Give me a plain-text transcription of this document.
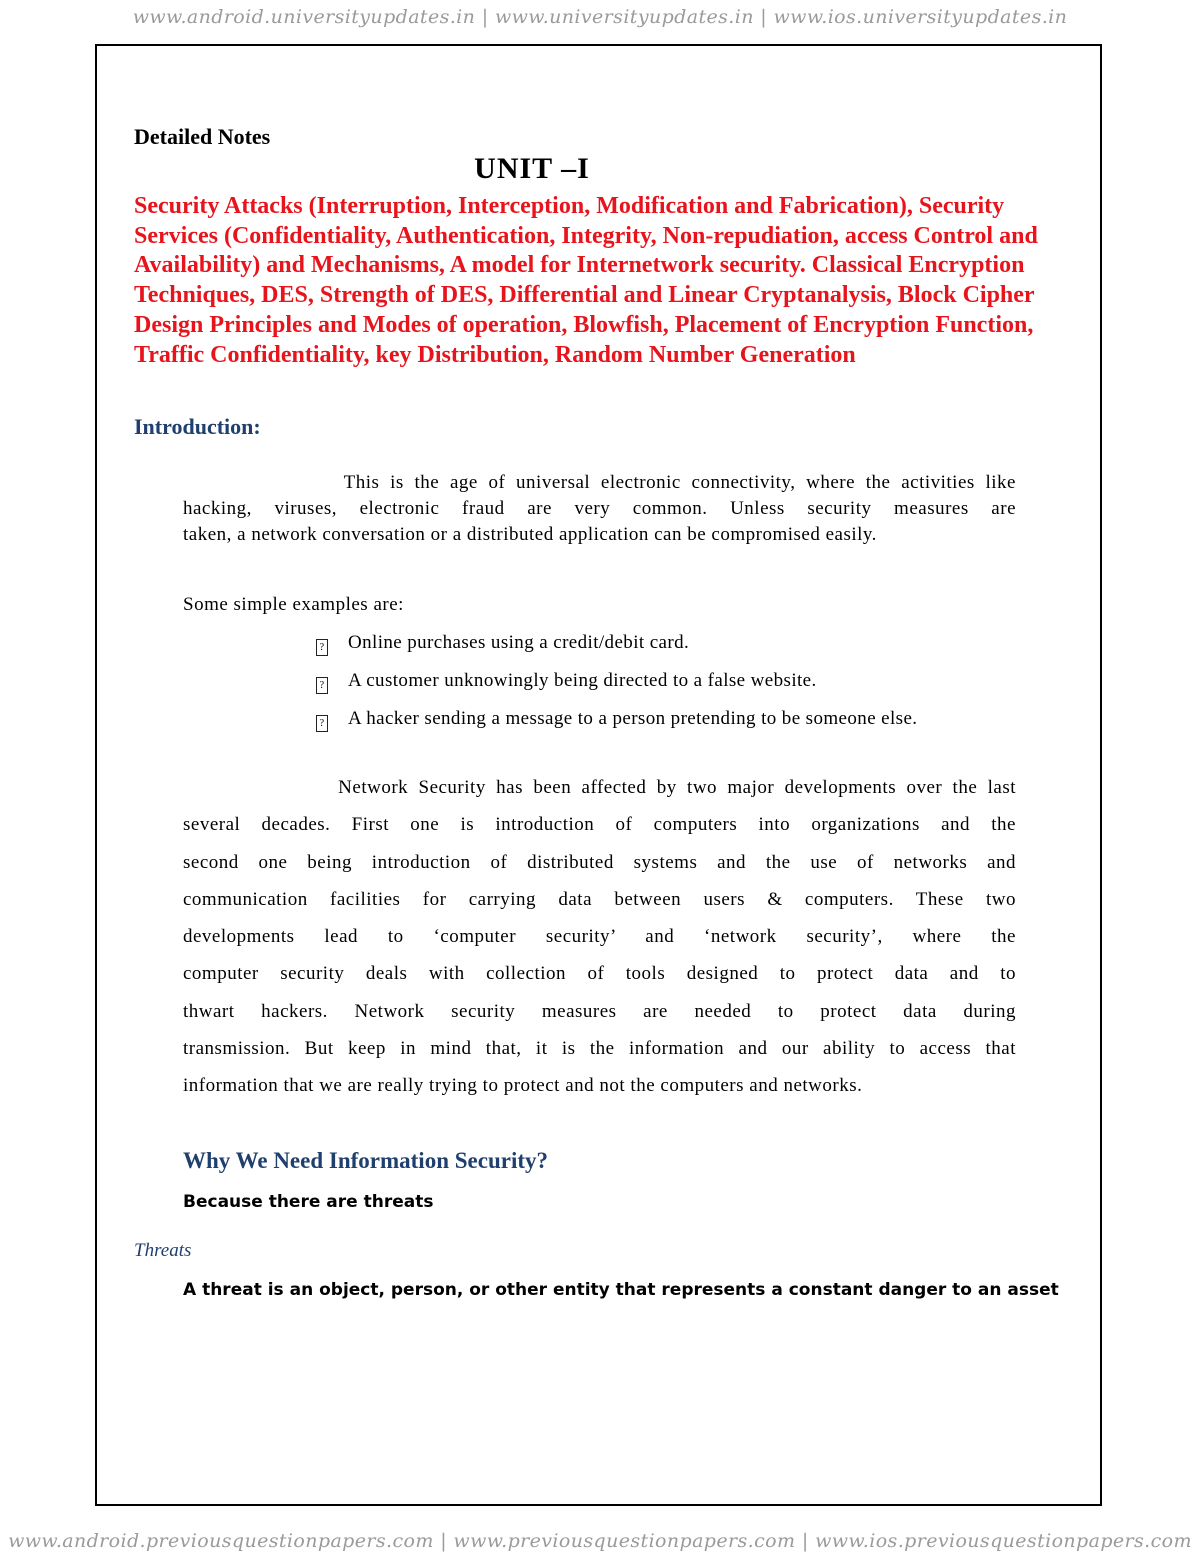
www.android.universityupdates.in | www.universityupdates.in | www.ios.universityupdates.in
Detailed Notes
UNIT –I
Security Attacks (Interruption, Interception, Modification and Fabrication), Security
Services (Confidentiality, Authentication, Integrity, Non-repudiation, access Control and
Availability) and Mechanisms, A model for Internetwork security. Classical Encryption
Techniques, DES, Strength of DES, Differential and Linear Cryptanalysis, Block Cipher
Design Principles and Modes of operation, Blowfish, Placement of Encryption Function,
Traffic Confidentiality, key Distribution, Random Number Generation
Introduction:
This is the age of universal electronic connectivity, where the activities like
hacking, viruses, electronic fraud are very common. Unless security measures are
taken, a network conversation or a distributed application can be compromised easily.
Some simple examples are:
? Online purchases using a credit/debit card.
? A customer unknowingly being directed to a false website.
? A hacker sending a message to a person pretending to be someone else.
Network Security has been affected by two major developments over the last
several decades. First one is introduction of computers into organizations and the
second one being introduction of distributed systems and the use of networks and
communication facilities for carrying data between users & computers. These two
developments lead to ‘computer security’ and ‘network security’, where the
computer security deals with collection of tools designed to protect data and to
thwart hackers. Network security measures are needed to protect data during
transmission. But keep in mind that, it is the information and our ability to access that
information that we are really trying to protect and not the computers and networks.
Why We Need Information Security?
Because there are threats
Threats
A threat is an object, person, or other entity that represents a constant danger to an asset
www.android.previousquestionpapers.com | www.previousquestionpapers.com | www.ios.previousquestionpapers.com
